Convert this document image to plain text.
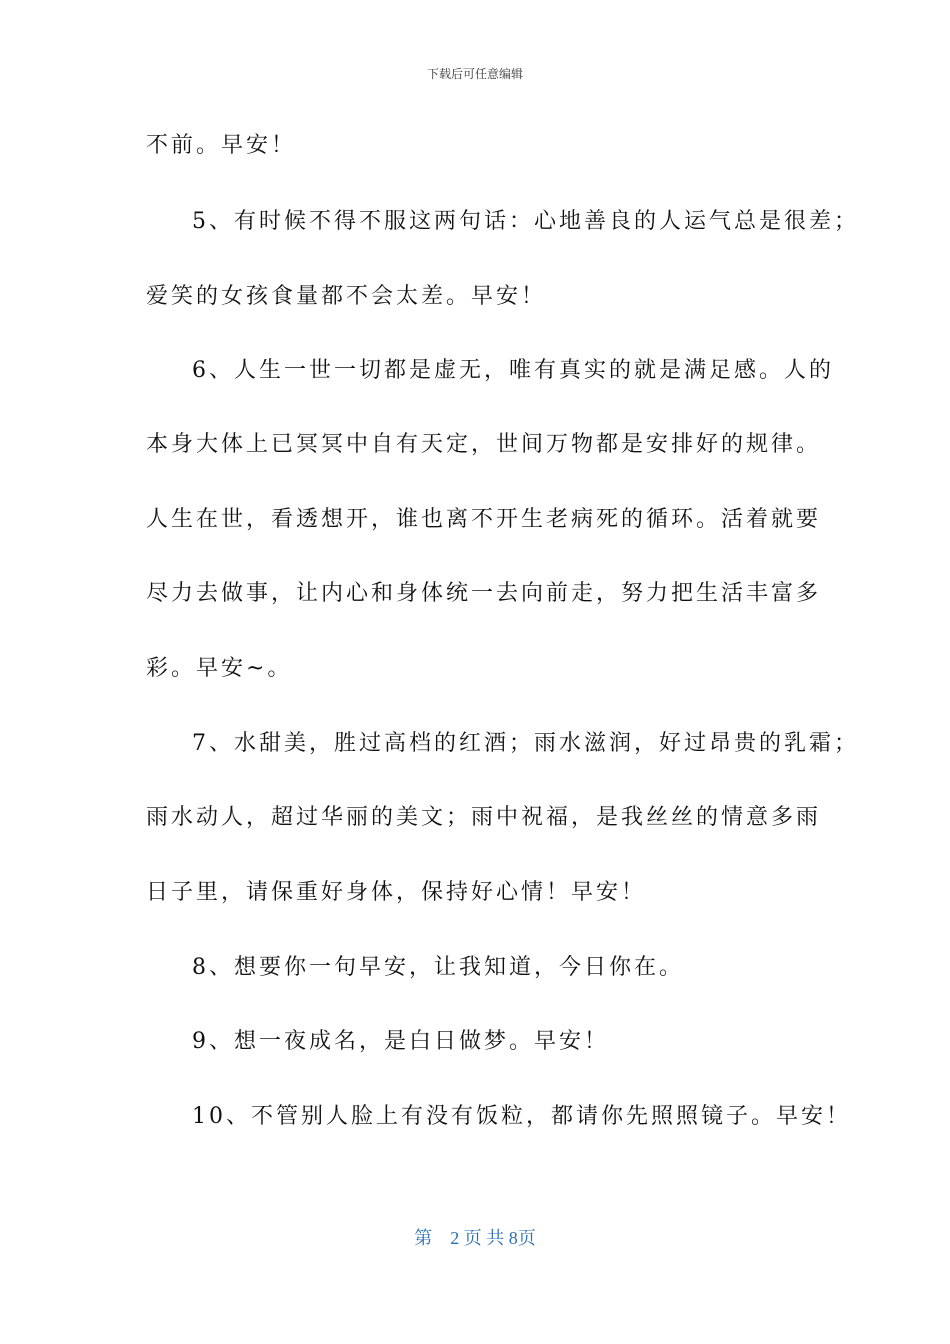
下载后可任意编辑
不前。早安！
5、有时候不得不服这两句话：心地善良的人运气总是很差；
爱笑的女孩食量都不会太差。早安！
6、人生一世一切都是虚无，唯有真实的就是满足感。人的
本身大体上已冥冥中自有天定，世间万物都是安排好的规律。
人生在世，看透想开，谁也离不开生老病死的循环。活着就要
尽力去做事，让内心和身体统一去向前走，努力把生活丰富多
彩。早安~。
7、水甜美，胜过高档的红酒；雨水滋润，好过昂贵的乳霜；
雨水动人，超过华丽的美文；雨中祝福，是我丝丝的情意多雨
日子里，请保重好身体，保持好心情！早安！
8、想要你一句早安，让我知道，今日你在。
9、想一夜成名，是白日做梦。早安！
10、不管别人脸上有没有饭粒，都请你先照照镜子。早安！
第　2 页 共 8页
